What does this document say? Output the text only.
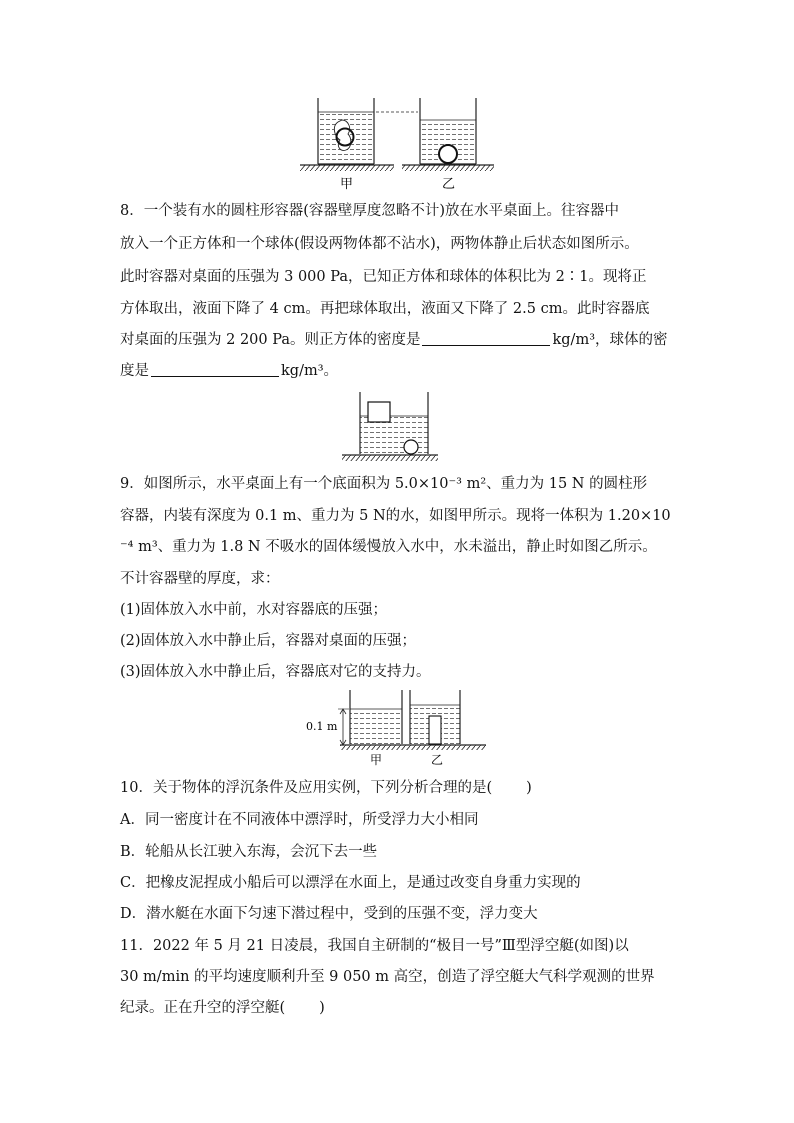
甲	乙
8．一个装有水的圆柱形容器(容器壁厚度忽略不计)放在水平桌面上。往容器中
放入一个正方体和一个球体(假设两物体都不沾水)，两物体静止后状态如图所示。
此时容器对桌面的压强为 3 000 Pa，已知正方体和球体的体积比为 2∶1。现将正
方体取出，液面下降了 4 cm。再把球体取出，液面又下降了 2.5 cm。此时容器底
对桌面的压强为 2 200 Pa。则正方体的密度是	kg/m³，球体的密
度是	kg/m³。
9．如图所示，水平桌面上有一个底面积为 5.0×10⁻³ m²、重力为 15 N 的圆柱形
容器，内装有深度为 0.1 m、重力为 5 N的水，如图甲所示。现将一体积为 1.20×10
⁻⁴ m³、重力为 1.8 N 不吸水的固体缓慢放入水中，水未溢出，静止时如图乙所示。
不计容器壁的厚度，求：
(1)固体放入水中前，水对容器底的压强；
(2)固体放入水中静止后，容器对桌面的压强；
(3)固体放入水中静止后，容器底对它的支持力。
0.1 m
甲	乙
10．关于物体的浮沉条件及应用实例，下列分析合理的是( )
A．同一密度计在不同液体中漂浮时，所受浮力大小相同
B．轮船从长江驶入东海，会沉下去一些
C．把橡皮泥捏成小船后可以漂浮在水面上，是通过改变自身重力实现的
D．潜水艇在水面下匀速下潜过程中，受到的压强不变，浮力变大
11．2022 年 5 月 21 日凌晨，我国自主研制的“极目一号”Ⅲ型浮空艇(如图)以
30 m/min 的平均速度顺利升至 9 050 m 高空，创造了浮空艇大气科学观测的世界
纪录。正在升空的浮空艇( )
